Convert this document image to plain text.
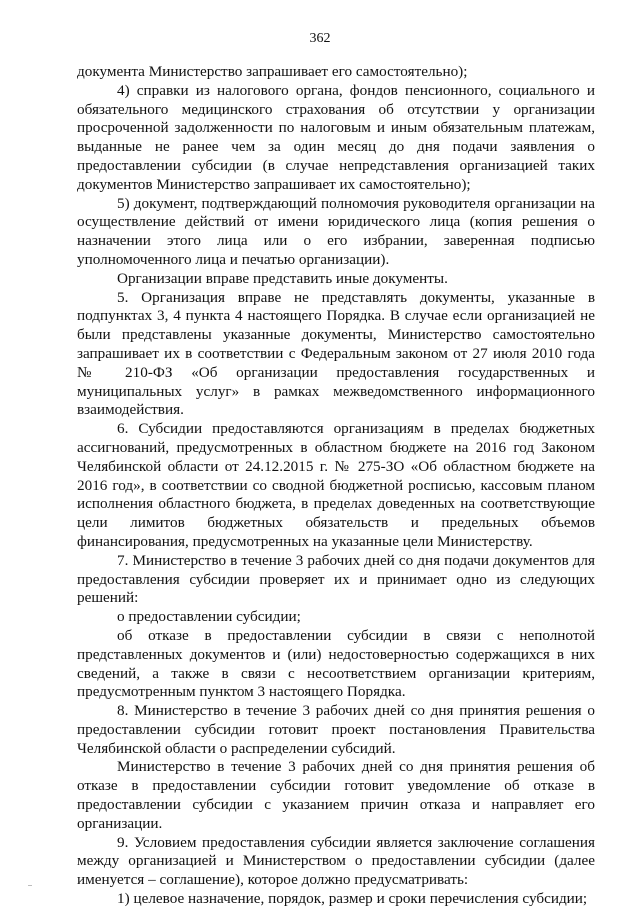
362

документа Министерство запрашивает его самостоятельно);

4) справки из налогового органа, фондов пенсионного, социального и обязательного медицинского страхования об отсутствии у организации просроченной задолженности по налоговым и иным обязательным платежам, выданные не ранее чем за один месяц до дня подачи заявления о предоставлении субсидии (в случае непредставления организацией таких документов Министерство запрашивает их самостоятельно);

5) документ, подтверждающий полномочия руководителя организации на осуществление действий от имени юридического лица (копия решения о назначении этого лица или о его избрании, заверенная подписью уполномоченного лица и печатью организации).

Организации вправе представить иные документы.

5. Организация вправе не представлять документы, указанные в подпунктах 3, 4 пункта 4 настоящего Порядка. В случае если организацией не были представлены указанные документы, Министерство самостоятельно запрашивает их в соответствии с Федеральным законом от 27 июля 2010 года № 210-ФЗ «Об организации предоставления государственных и муниципальных услуг» в рамках межведомственного информационного взаимодействия.

6. Субсидии предоставляются организациям в пределах бюджетных ассигнований, предусмотренных в областном бюджете на 2016 год Законом Челябинской области от 24.12.2015 г. № 275-ЗО «Об областном бюджете на 2016 год», в соответствии со сводной бюджетной росписью, кассовым планом исполнения областного бюджета, в пределах доведенных на соответствующие цели лимитов бюджетных обязательств и предельных объемов финансирования, предусмотренных на указанные цели Министерству.

7. Министерство в течение 3 рабочих дней со дня подачи документов для предоставления субсидии проверяет их и принимает одно из следующих решений:

о предоставлении субсидии;

об отказе в предоставлении субсидии в связи с неполнотой представленных документов и (или) недостоверностью содержащихся в них сведений, а также в связи с несоответствием организации критериям, предусмотренным пунктом 3 настоящего Порядка.

8. Министерство в течение 3 рабочих дней со дня принятия решения о предоставлении субсидии готовит проект постановления Правительства Челябинской области о распределении субсидий.

Министерство в течение 3 рабочих дней со дня принятия решения об отказе в предоставлении субсидии готовит уведомление об отказе в предоставлении субсидии с указанием причин отказа и направляет его организации.

9. Условием предоставления субсидии является заключение соглашения между организацией и Министерством о предоставлении субсидии (далее именуется – соглашение), которое должно предусматривать:

1) целевое назначение, порядок, размер и сроки перечисления субсидии;
